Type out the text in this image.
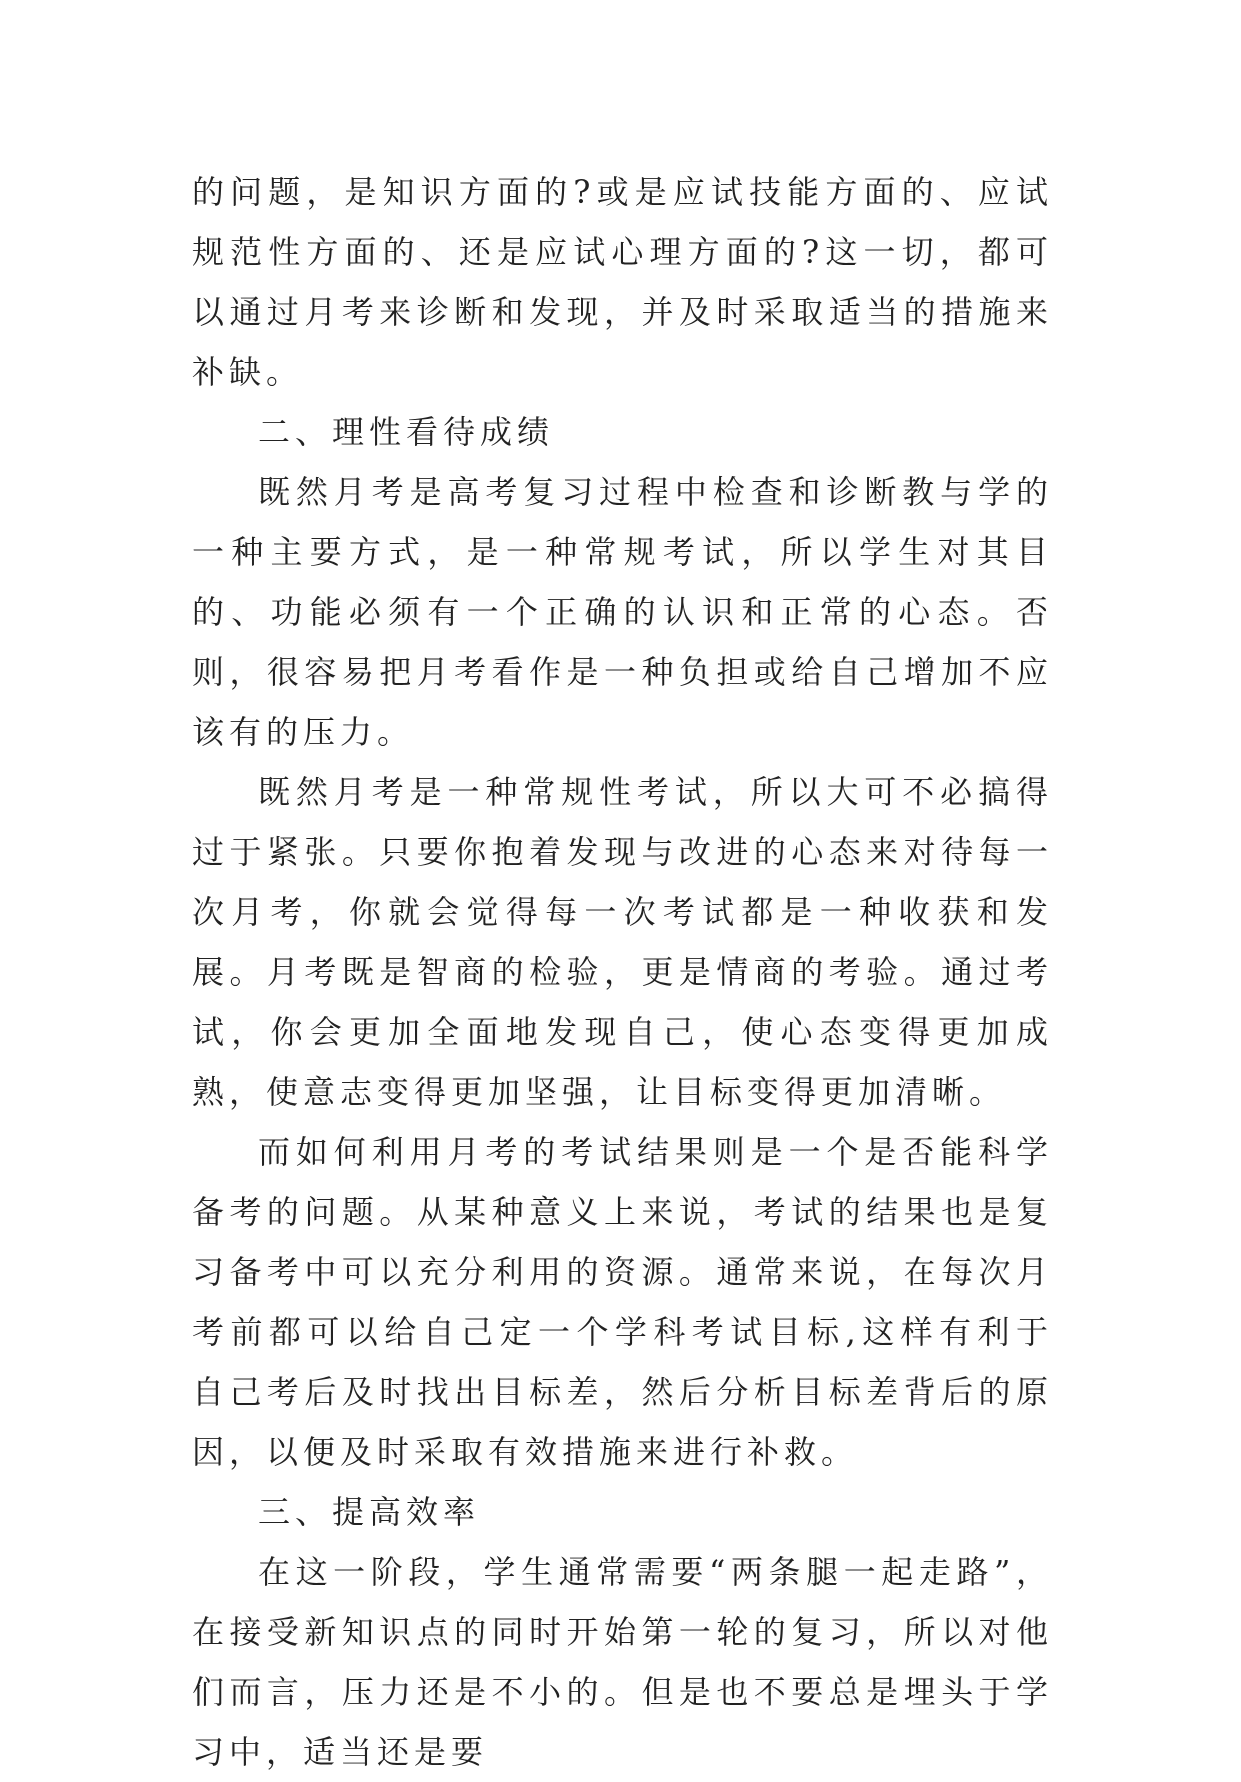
的问题，是知识方面的?或是应试技能方面的、应试规范性方面的、还是应试心理方面的?这一切，都可以通过月考来诊断和发现，并及时采取适当的措施来补缺。

二、理性看待成绩

既然月考是高考复习过程中检查和诊断教与学的一种主要方式，是一种常规考试，所以学生对其目的、功能必须有一个正确的认识和正常的心态。否则，很容易把月考看作是一种负担或给自己增加不应该有的压力。

既然月考是一种常规性考试，所以大可不必搞得过于紧张。只要你抱着发现与改进的心态来对待每一次月考，你就会觉得每一次考试都是一种收获和发展。月考既是智商的检验，更是情商的考验。通过考试，你会更加全面地发现自己，使心态变得更加成熟，使意志变得更加坚强，让目标变得更加清晰。

而如何利用月考的考试结果则是一个是否能科学备考的问题。从某种意义上来说，考试的结果也是复习备考中可以充分利用的资源。通常来说，在每次月考前都可以给自己定一个学科考试目标,这样有利于自己考后及时找出目标差，然后分析目标差背后的原因，以便及时采取有效措施来进行补救。

三、提高效率

在这一阶段，学生通常需要“两条腿一起走路”，在接受新知识点的同时开始第一轮的复习，所以对他们而言，压力还是不小的。但是也不要总是埋头于学习中，适当还是要
